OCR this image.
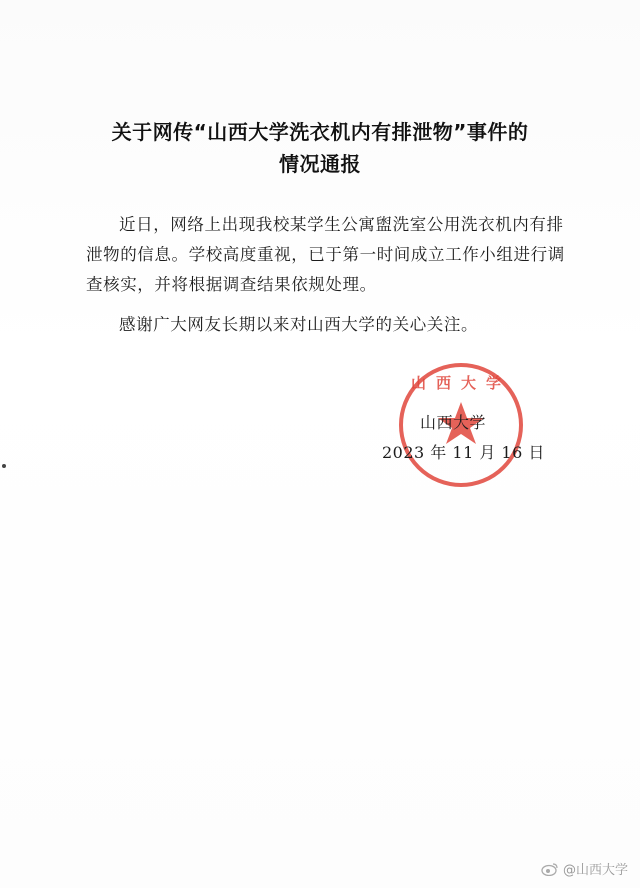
关于网传“山西大学洗衣机内有排泄物”事件的
情况通报
近日，网络上出现我校某学生公寓盥洗室公用洗衣机内有排泄物的信息。学校高度重视，已于第一时间成立工作小组进行调查核实，并将根据调查结果依规处理。
感谢广大网友长期以来对山西大学的关心关注。
山西大学
山西大学
2023 年 11 月 16 日
@山西大学
